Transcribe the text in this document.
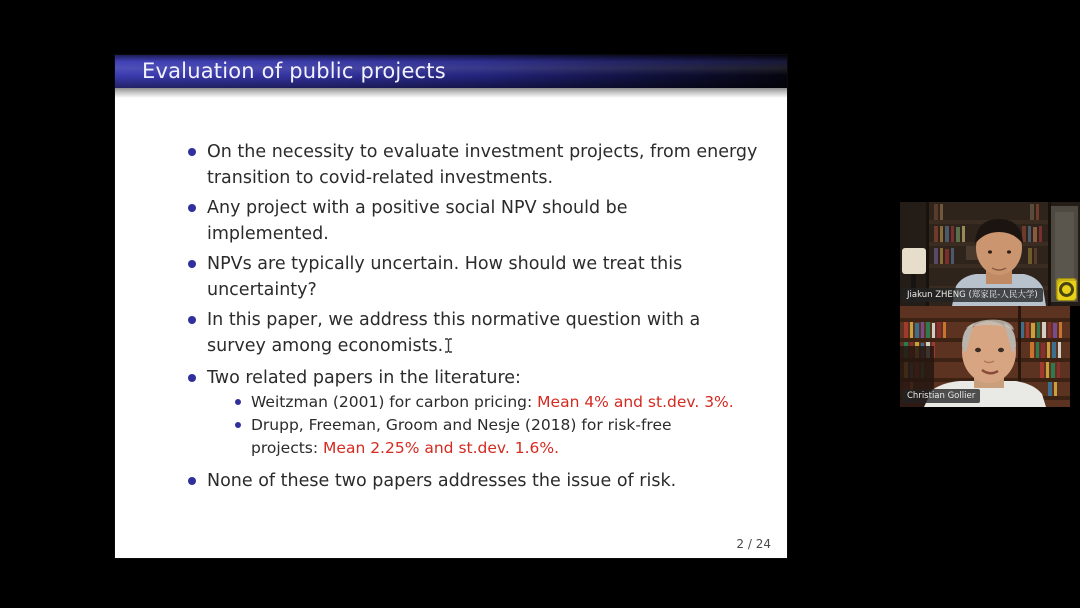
Evaluation of public projects
On the necessity to evaluate investment projects, from energy
transition to covid-related investments.
Any project with a positive social NPV should be
implemented.
NPVs are typically uncertain. How should we treat this
uncertainty?
In this paper, we address this normative question with a
survey among economists.
Two related papers in the literature:
Weitzman (2001) for carbon pricing: Mean 4% and st.dev. 3%.
Drupp, Freeman, Groom and Nesje (2018) for risk-free
projects: Mean 2.25% and st.dev. 1.6%.
None of these two papers addresses the issue of risk.
2 / 24
Jiakun ZHENG (郑家昆-人民大学)
Christian Gollier
